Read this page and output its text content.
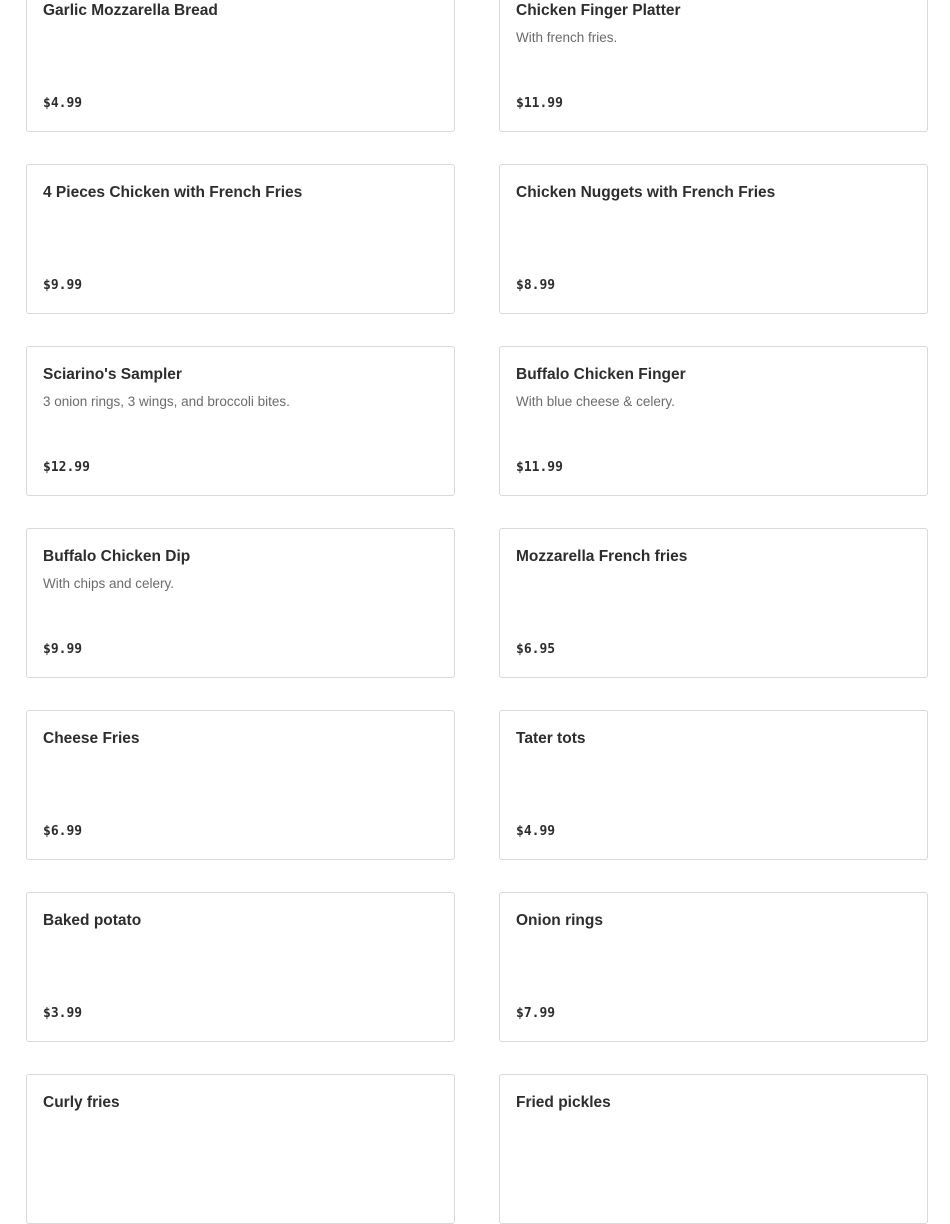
Garlic Mozzarella Bread
$4.99
Chicken Finger Platter
With french fries.
$11.99
4 Pieces Chicken with French Fries
$9.99
Chicken Nuggets with French Fries
$8.99
Sciarino's Sampler
3 onion rings, 3 wings, and broccoli bites.
$12.99
Buffalo Chicken Finger
With blue cheese & celery.
$11.99
Buffalo Chicken Dip
With chips and celery.
$9.99
Mozzarella French fries
$6.95
Cheese Fries
$6.99
Tater tots
$4.99
Baked potato
$3.99
Onion rings
$7.99
Curly fries	Fried pickles
